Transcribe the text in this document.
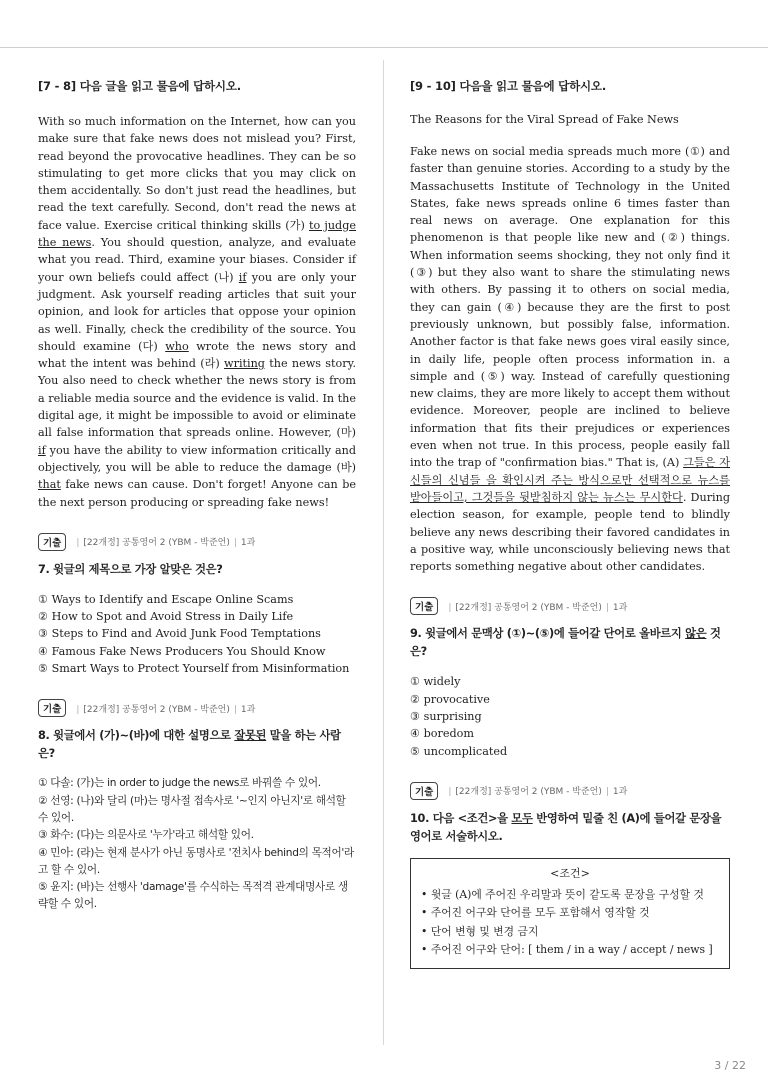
[7 - 8] 다음 글을 읽고 물음에 답하시오.

With so much information on the Internet, how can you make sure that fake news does not mislead you? First, read beyond the provocative headlines. They can be so stimulating to get more clicks that you may click on them accidentally. So don't just read the headlines, but read the text carefully. Second, don't read the news at face value. Exercise critical thinking skills (가) to judge the news. You should question, analyze, and evaluate what you read. Third, examine your biases. Consider if your own beliefs could affect (나) if you are only your judgment. Ask yourself reading articles that suit your opinion, and look for articles that oppose your opinion as well. Finally, check the credibility of the source. You should examine (다) who wrote the news story and what the intent was behind (라) writing the news story. You also need to check whether the news story is from a reliable media source and the evidence is valid. In the digital age, it might be impossible to avoid or eliminate all false information that spreads online. However, (마) if you have the ability to view information critically and objectively, you will be able to reduce the damage (바) that fake news can cause. Don't forget! Anyone can be the next person producing or spreading fake news!

기출	| [22개정] 공통영어 2 (YBM - 박준언) | 1과
7. 윗글의 제목으로 가장 알맞은 것은?
① Ways to Identify and Escape Online Scams
② How to Spot and Avoid Stress in Daily Life
③ Steps to Find and Avoid Junk Food Temptations
④ Famous Fake News Producers You Should Know
⑤ Smart Ways to Protect Yourself from Misinformation
기출	| [22개정] 공통영어 2 (YBM - 박준언) | 1과
8. 윗글에서 (가)~(바)에 대한 설명으로 잘못된 말을 하는 사람은?
① 다솔: (가)는 in order to judge the news로 바꿔쓸 수 있어.
② 선영: (나)와 달리 (마)는 명사절 접속사로 '~인지 아닌지'로 해석할 수 있어.
③ 화수: (다)는 의문사로 '누가'라고 해석할 있어.
④ 민아: (라)는 현재 분사가 아닌 동명사로 '전치사 behind의 목적어'라고 할 수 있어.
⑤ 윤지: (바)는 선행사 'damage'를 수식하는 목적격 관계대명사로 생략할 수 있어.
[9 - 10] 다음을 읽고 물음에 답하시오.
The Reasons for the Viral Spread of Fake News

Fake news on social media spreads much more (①) and faster than genuine stories. According to a study by the Massachusetts Institute of Technology in the United States, fake news spreads online 6 times faster than real news on average. One explanation for this phenomenon is that people like new and (②) things. When information seems shocking, they not only find it (③) but they also want to share the stimulating news with others. By passing it to others on social media, they can gain (④) because they are the first to post previously unknown, but possibly false, information. Another factor is that fake news goes viral easily since, in daily life, people often process information in. a simple and (⑤) way. Instead of carefully questioning new claims, they are more likely to accept them without evidence. Moreover, people are inclined to believe information that fits their prejudices or experiences even when not true. In this process, people easily fall into the trap of "confirmation bias." That is, (A) 그들은 자신들의 신념들 을 확인시켜 주는 방식으로만 선택적으로 뉴스를 받아들이고, 그것들을 뒷받침하지 않는 뉴스는 무시한다. During election season, for example, people tend to blindly believe any news describing their favored candidates in a positive way, while unconsciously believing news that reports something negative about other candidates.

기출	| [22개정] 공통영어 2 (YBM - 박준언) | 1과
9. 윗글에서 문맥상 (①)~(⑤)에 들어갈 단어로 올바르지 않은 것은?
① widely
② provocative
③ surprising
④ boredom
⑤ uncomplicated
기출	| [22개정] 공통영어 2 (YBM - 박준언) | 1과
10. 다음 <조건>을 모두 반영하여 밑줄 친 (A)에 들어갈 문장을 영어로 서술하시오.
<조건>
• 윗글 (A)에 주어진 우리말과 뜻이 같도록 문장을 구성할 것
• 주어진 어구와 단어를 모두 포함해서 영작할 것
• 단어 변형 및 변경 금지
• 주어진 어구와 단어: [ them / in a way / accept / news ]
3 / 22
